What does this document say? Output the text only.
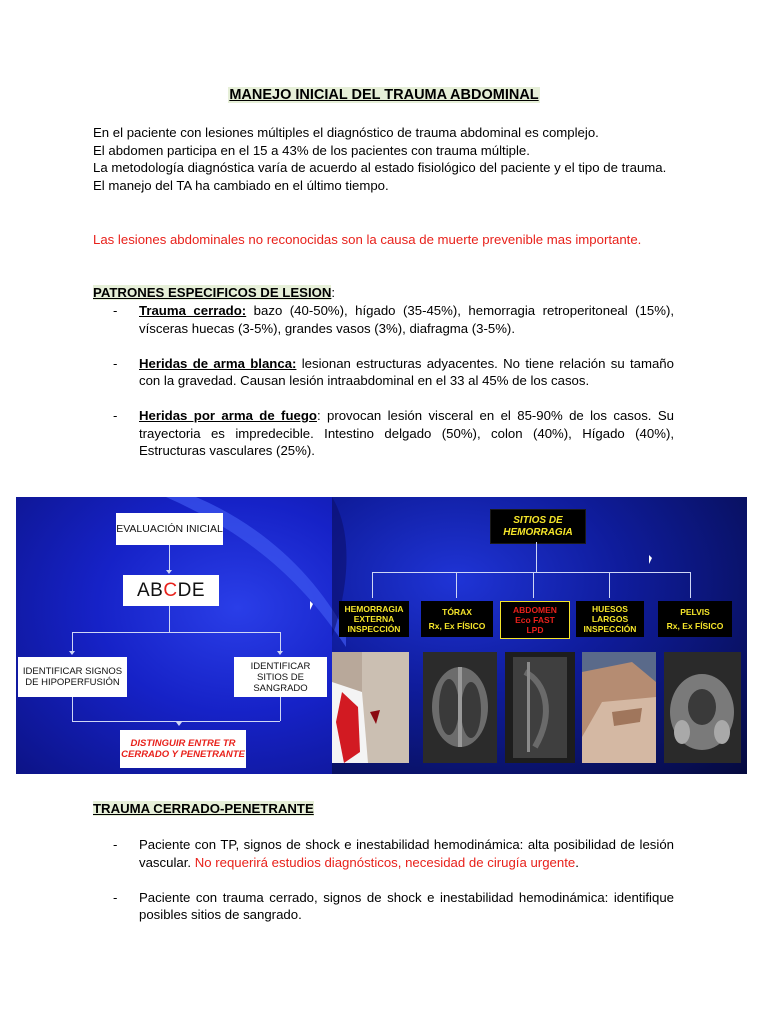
MANEJO INICIAL DEL TRAUMA ABDOMINAL
En el paciente con lesiones múltiples el diagnóstico de trauma abdominal es complejo.
El abdomen participa en el 15 a 43% de los pacientes con trauma múltiple.
La metodología diagnóstica varía de acuerdo al estado fisiológico del paciente y el tipo de trauma.
El manejo del TA ha cambiado en el último tiempo.
Las lesiones abdominales no reconocidas son la causa de muerte prevenible mas importante.
PATRONES ESPECIFICOS DE LESION:
- Trauma cerrado: bazo (40-50%), hígado (35-45%), hemorragia retroperitoneal (15%), vísceras huecas (3-5%), grandes vasos (3%), diafragma (3-5%).
- Heridas de arma blanca: lesionan estructuras adyacentes. No tiene relación su tamaño con la gravedad. Causan lesión intraabdominal en el 33 al 45% de los casos.
- Heridas por arma de fuego: provocan lesión visceral en el 85-90% de los casos. Su trayectoria es impredecible. Intestino delgado (50%), colon (40%), Hígado (40%), Estructuras vasculares (25%).
EVALUACIÓN INICIAL
AB C DE
IDENTIFICAR SIGNOS DE HIPOPERFUSIÓN
IDENTIFICAR SITIOS DE SANGRADO
DISTINGUIR ENTRE TR CERRADO Y PENETRANTE
SITIOS DE HEMORRAGIA
HEMORRAGIA
EXTERNA
INSPECCIÓN
TÓRAX
Rx, Ex FÍSICO
ABDOMEN
Eco FAST
LPD
HUESOS
LARGOS
INSPECCIÓN
PELVIS
Rx, Ex FÍSICO
TRAUMA CERRADO-PENETRANTE
- Paciente con TP, signos de shock e inestabilidad hemodinámica: alta posibilidad de lesión vascular. No requerirá estudios diagnósticos, necesidad de cirugía urgente.
- Paciente con trauma cerrado, signos de shock e inestabilidad hemodinámica: identifique posibles sitios de sangrado.
